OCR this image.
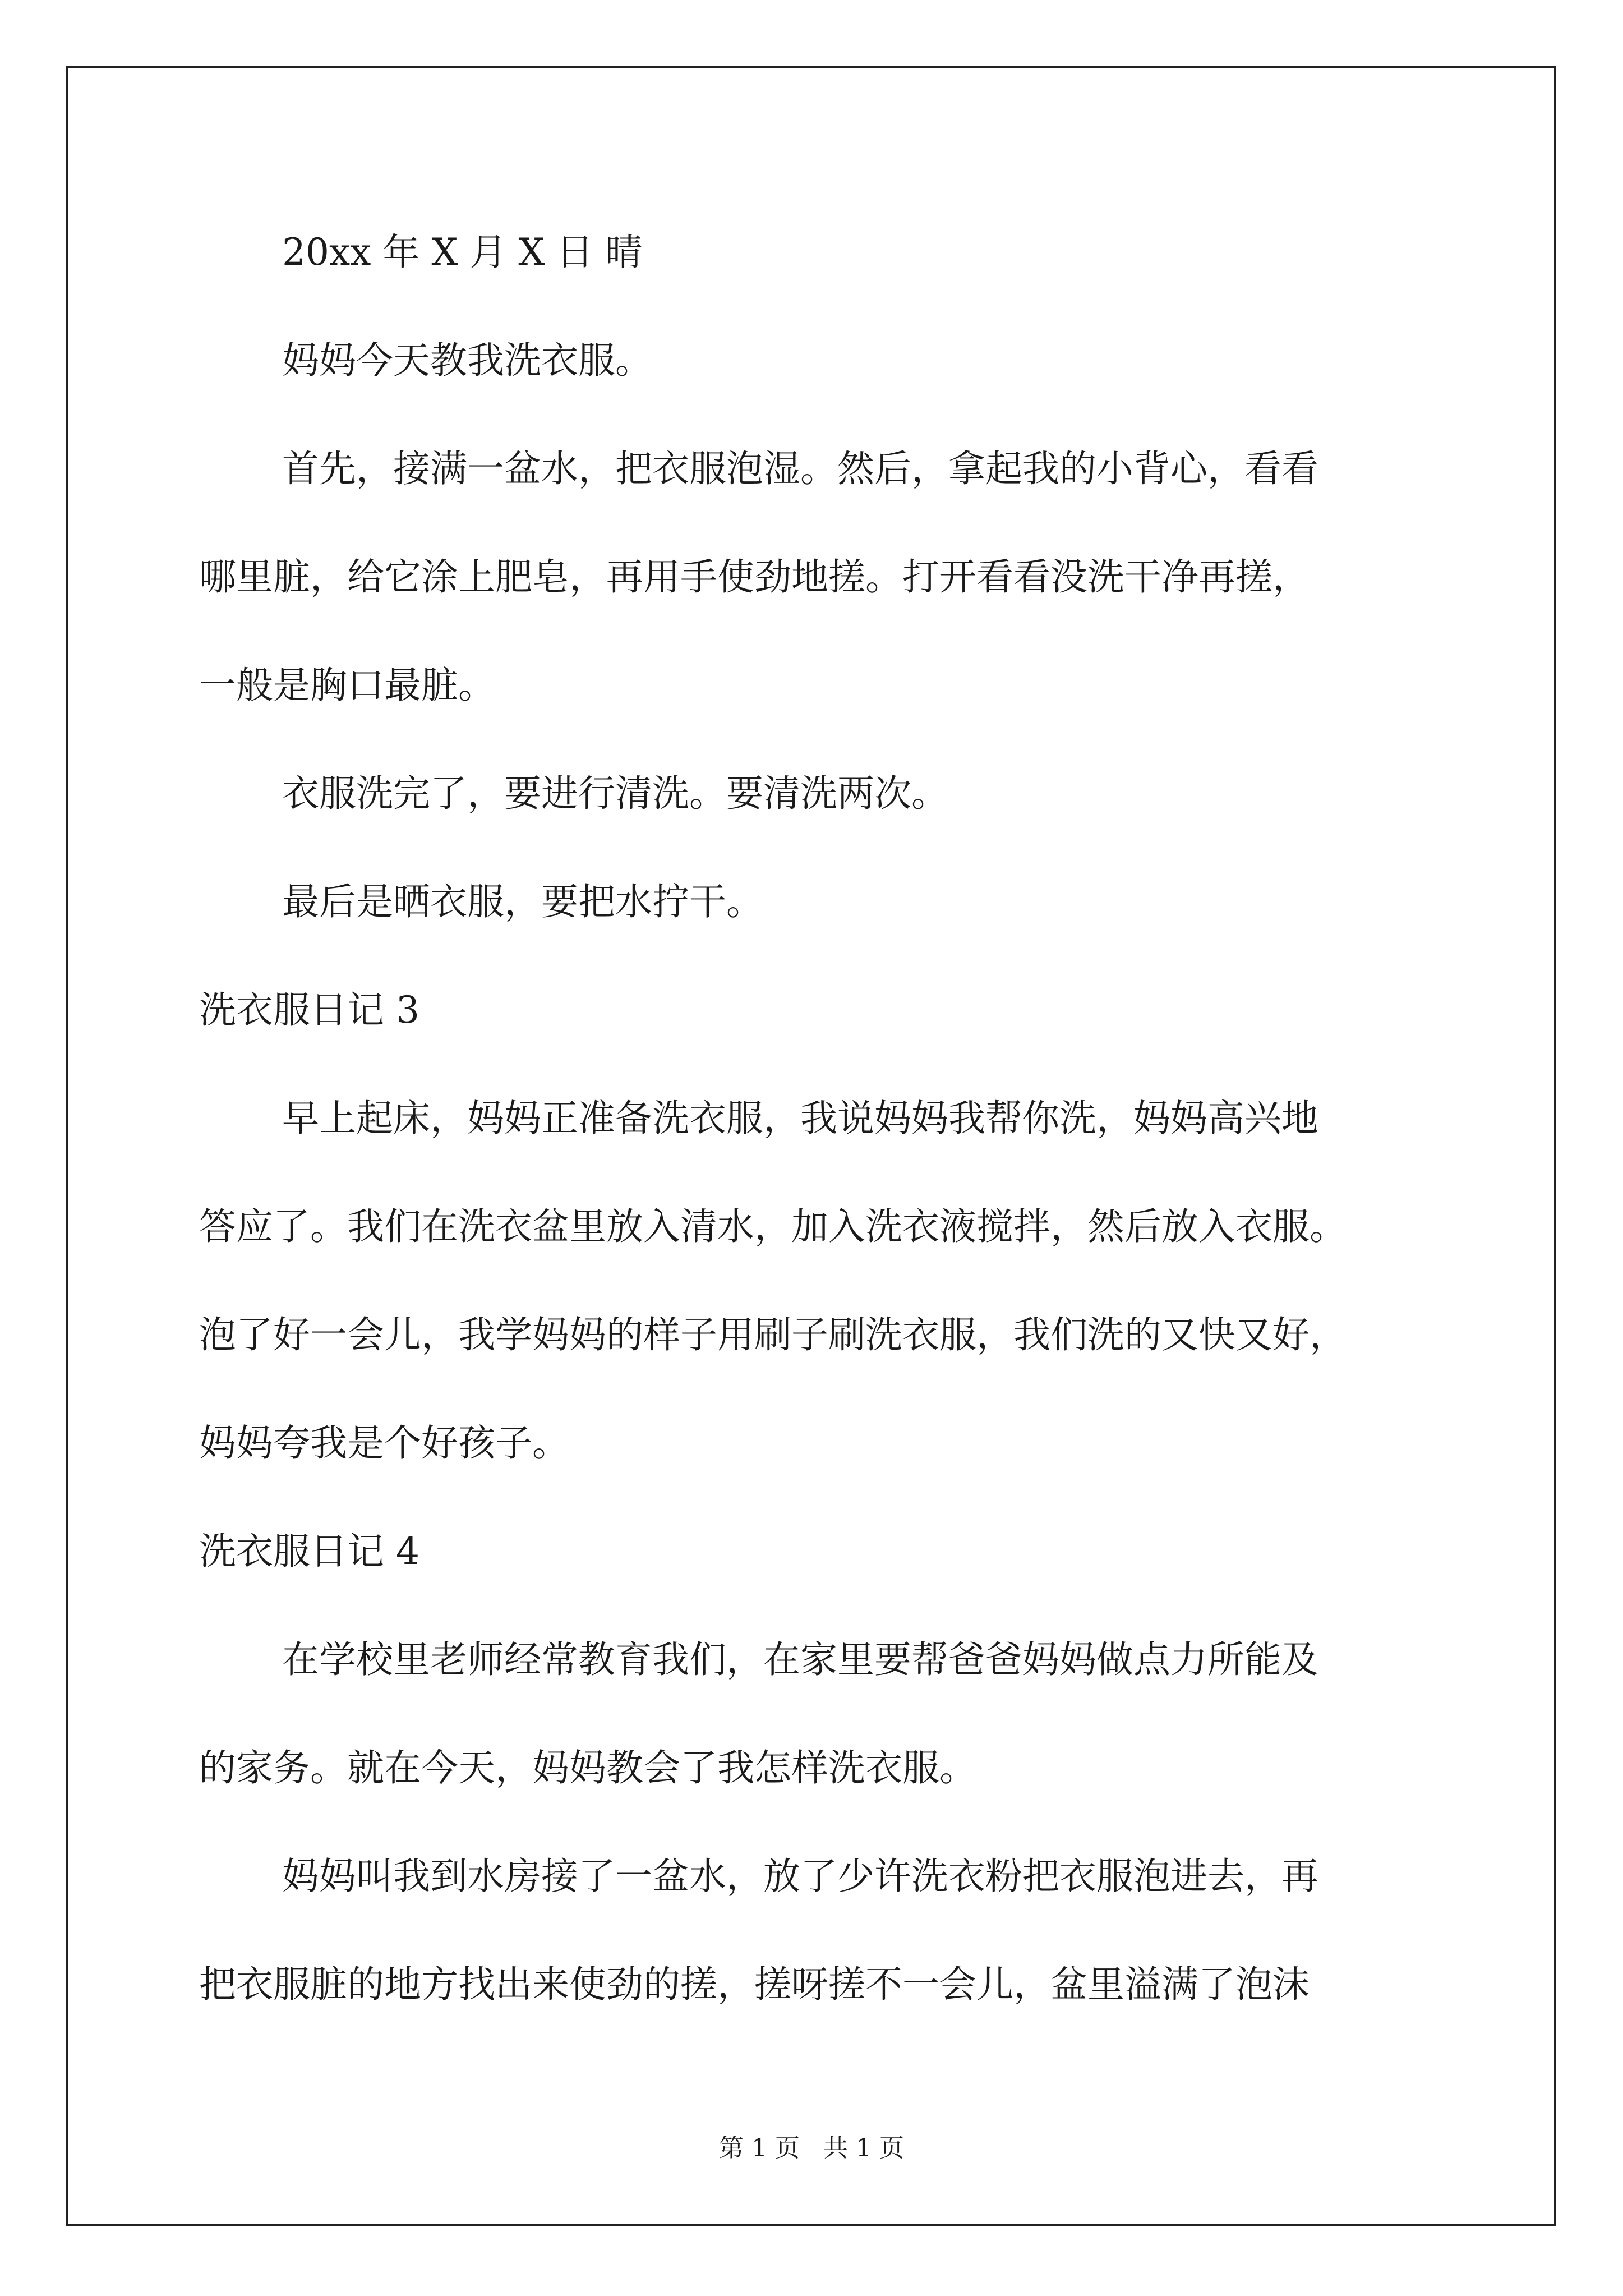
20xx 年 X 月 X 日 晴
妈妈今天教我洗衣服。
首先，接满一盆水，把衣服泡湿。然后，拿起我的小背心，看看
哪里脏，给它涂上肥皂，再用手使劲地搓。打开看看没洗干净再搓，
一般是胸口最脏。
衣服洗完了，要进行清洗。要清洗两次。
最后是晒衣服，要把水拧干。
洗衣服日记 3
早上起床，妈妈正准备洗衣服，我说妈妈我帮你洗，妈妈高兴地
答应了。我们在洗衣盆里放入清水，加入洗衣液搅拌，然后放入衣服。
泡了好一会儿，我学妈妈的样子用刷子刷洗衣服，我们洗的又快又好，
妈妈夸我是个好孩子。
洗衣服日记 4
在学校里老师经常教育我们，在家里要帮爸爸妈妈做点力所能及
的家务。就在今天，妈妈教会了我怎样洗衣服。
妈妈叫我到水房接了一盆水，放了少许洗衣粉把衣服泡进去，再
把衣服脏的地方找出来使劲的搓，搓呀搓不一会儿，盆里溢满了泡沫
第 1 页   共 1 页
